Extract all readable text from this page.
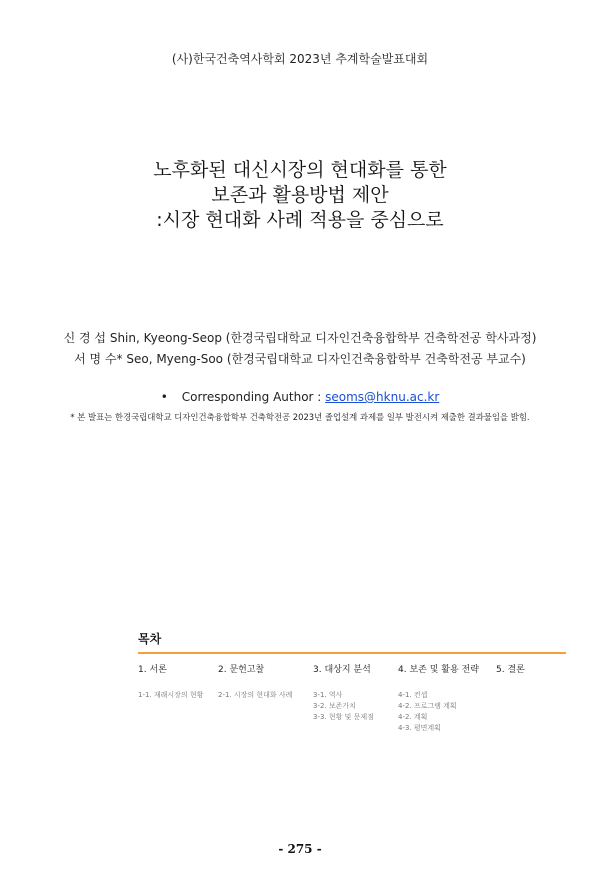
(사)한국건축역사학회 2023년 추계학술발표대회
노후화된 대신시장의 현대화를 통한
보존과 활용방법 제안
:시장 현대화 사례 적용을 중심으로
신 경 섭 Shin, Kyeong-Seop (한경국립대학교 디자인건축융합학부 건축학전공 학사과정)
서 명 수* Seo, Myeng-Soo (한경국립대학교 디자인건축융합학부 건축학전공 부교수)
• Corresponding Author : seoms@hknu.ac.kr
* 본 발표는 한경국립대학교 디자인건축융합학부 건축학전공 2023년 졸업설계 과제를 일부 발전시켜 제출한 결과물임을 밝힘.
목차
1. 서론
1-1. 재래시장의 현황
2. 문헌고찰
2-1. 시장의 현대화 사례
3. 대상지 분석
3-1. 역사
3-2. 보존가치
3-3. 현황 및 문제점
4. 보존 및 활용 전략
4-1. 컨셉
4-2. 프로그램 계획
4-2. 계획
4-3. 평면계획
5. 결론
- 275 -
